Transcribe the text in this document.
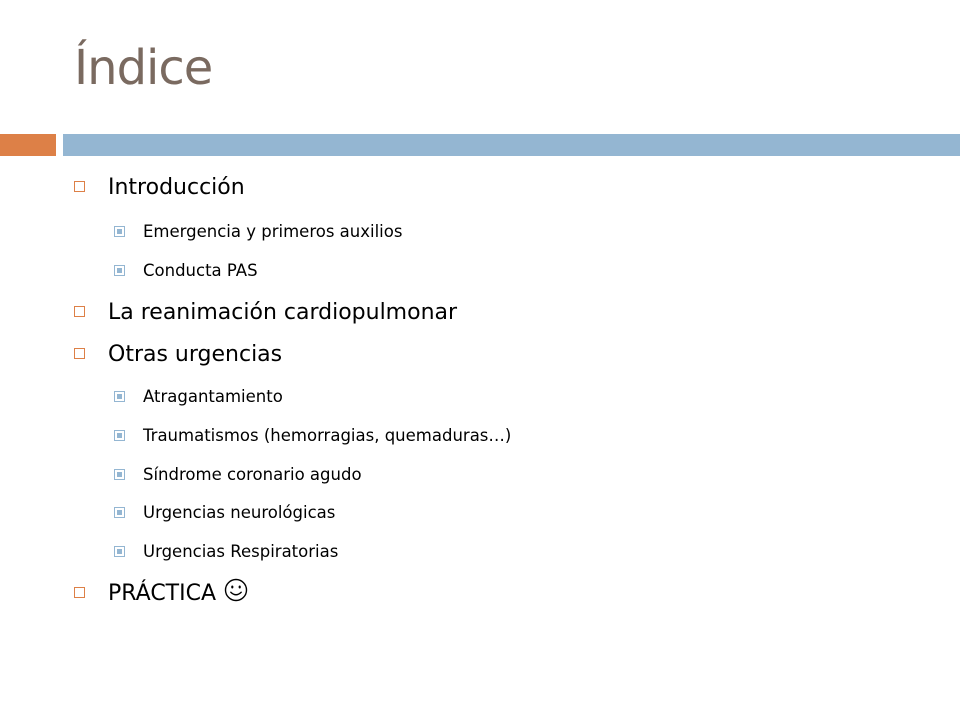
Índice
Introducción
Emergencia y primeros auxilios
Conducta PAS
La reanimación cardiopulmonar
Otras urgencias
Atragantamiento
Traumatismos (hemorragias, quemaduras…)
Síndrome coronario agudo
Urgencias neurológicas
Urgencias Respiratorias
PRÁCTICA
